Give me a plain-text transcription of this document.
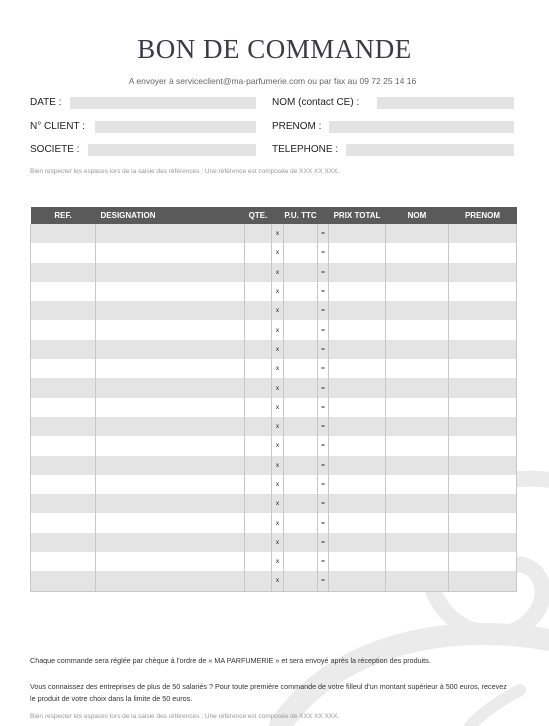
BON DE COMMANDE
A envoyer à serviceclient@ma-parfumerie.com ou par fax au 09 72 25 14 16
DATE :	NOM (contact CE) :
N° CLIENT :	PRENOM :
SOCIETE :	TELEPHONE :
Bien respecter les espaces lors de la saisie des références ; Une référence est composée de XXX XX XXX.
REF.	DESIGNATION	QTE.		P.U. TTC		PRIX TOTAL	NOM	PRENOM
			x		=			
			x		=			
			x		=			
			x		=			
			x		=			
			x		=			
			x		=			
			x		=			
			x		=			
			x		=			
			x		=			
			x		=			
			x		=			
			x		=			
			x		=			
			x		=			
			x		=			
			x		=			
			x		=			
Chaque commande sera réglée par chèque à l'ordre de « MA PARFUMERIE » et sera envoyé après la réception des produits.
Vous connaissez des entreprises de plus de 50 salariés ? Pour toute première commande de votre filleul d'un montant supérieur à 500 euros, recevez le produit de votre choix dans la limite de 50 euros.
Bien respecter les espaces lors de la saisie des références ; Une référence est composée de XXX XX XXX.
